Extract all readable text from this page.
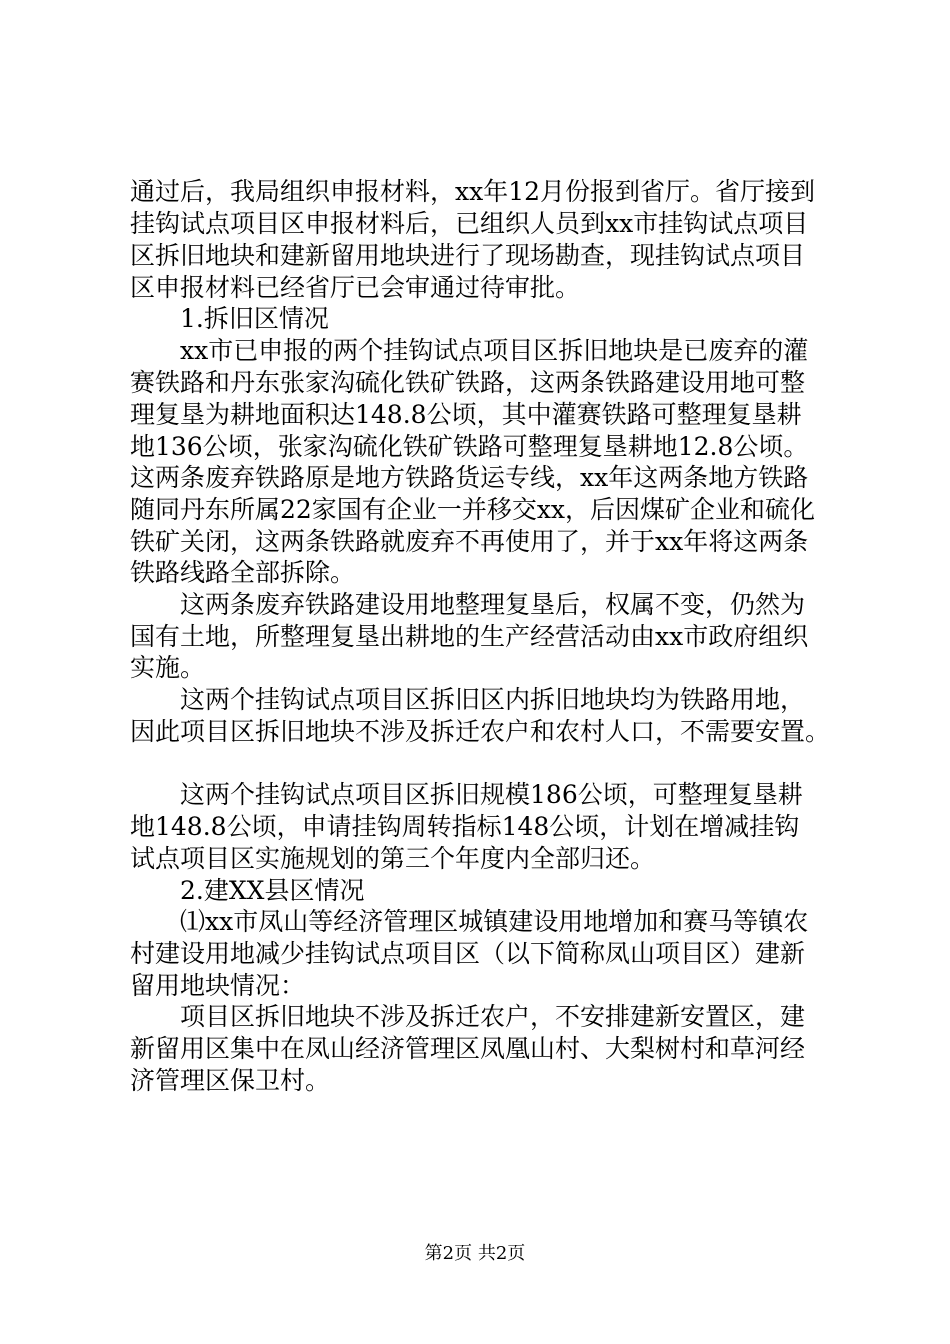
通过后，我局组织申报材料，xx年12月份报到省厅。省厅接到
挂钩试点项目区申报材料后，已组织人员到xx市挂钩试点项目
区拆旧地块和建新留用地块进行了现场勘查，现挂钩试点项目
区申报材料已经省厅已会审通过待审批。
1.拆旧区情况
xx市已申报的两个挂钩试点项目区拆旧地块是已废弃的灌
赛铁路和丹东张家沟硫化铁矿铁路，这两条铁路建设用地可整
理复垦为耕地面积达148.8公顷，其中灌赛铁路可整理复垦耕
地136公顷，张家沟硫化铁矿铁路可整理复垦耕地12.8公顷。
这两条废弃铁路原是地方铁路货运专线，xx年这两条地方铁路
随同丹东所属22家国有企业一并移交xx，后因煤矿企业和硫化
铁矿关闭，这两条铁路就废弃不再使用了，并于xx年将这两条
铁路线路全部拆除。
这两条废弃铁路建设用地整理复垦后，权属不变，仍然为
国有土地，所整理复垦出耕地的生产经营活动由xx市政府组织
实施。
这两个挂钩试点项目区拆旧区内拆旧地块均为铁路用地，
因此项目区拆旧地块不涉及拆迁农户和农村人口，不需要安置。
这两个挂钩试点项目区拆旧规模186公顷，可整理复垦耕
地148.8公顷，申请挂钩周转指标148公顷，计划在增减挂钩
试点项目区实施规划的第三个年度内全部归还。
2.建XX县区情况
⑴xx市凤山等经济管理区城镇建设用地增加和赛马等镇农
村建设用地减少挂钩试点项目区（以下简称凤山项目区）建新
留用地块情况：
项目区拆旧地块不涉及拆迁农户，不安排建新安置区，建
新留用区集中在凤山经济管理区凤凰山村、大梨树村和草河经
济管理区保卫村。
第2页 共2页
